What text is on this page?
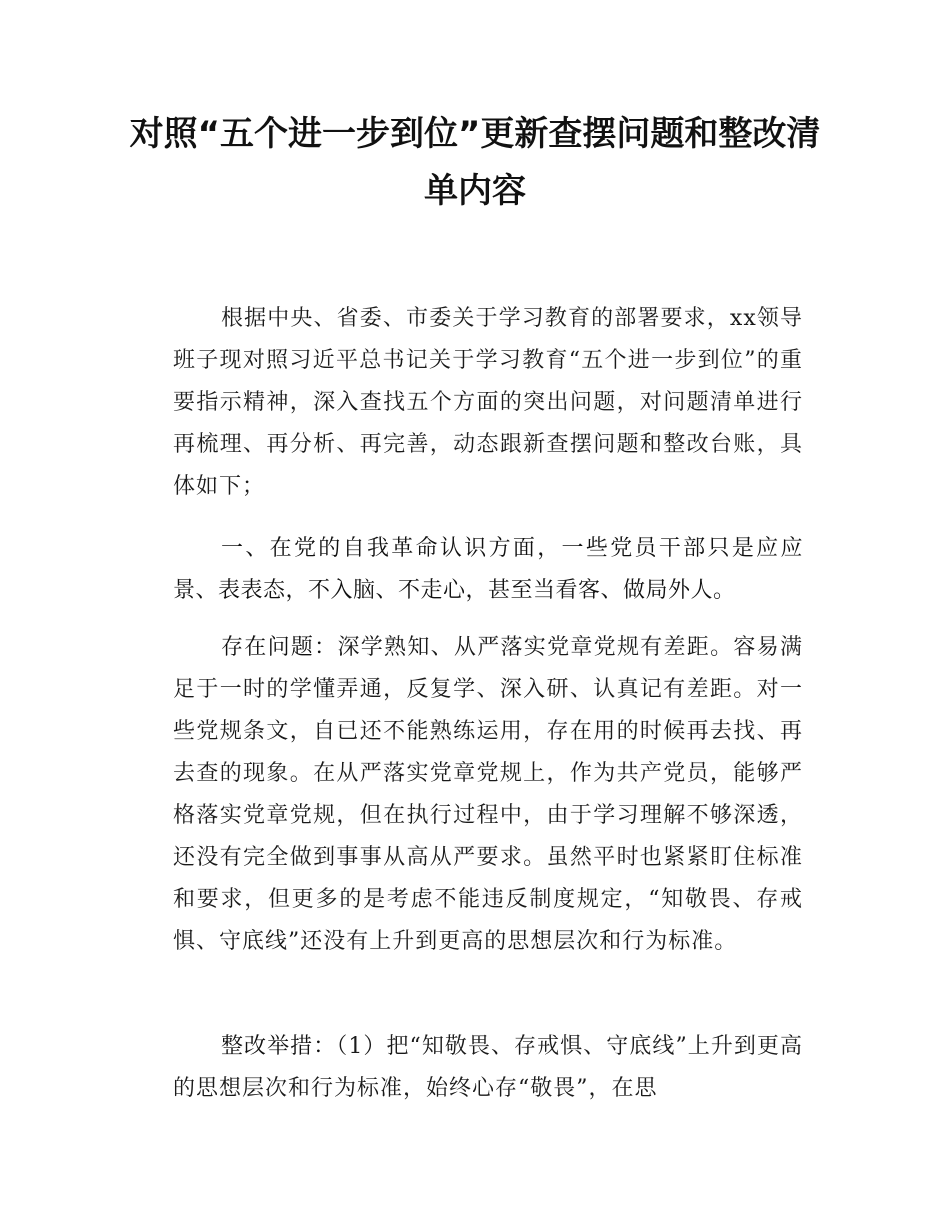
对照“五个进一步到位”更新查摆问题和整改清单内容

根据中央、省委、市委关于学习教育的部署要求，xx领导班子现对照习近平总书记关于学习教育“五个进一步到位”的重要指示精神，深入查找五个方面的突出问题，对问题清单进行再梳理、再分析、再完善，动态跟新查摆问题和整改台账，具体如下；

一、在党的自我革命认识方面，一些党员干部只是应应景、表表态，不入脑、不走心，甚至当看客、做局外人。

存在问题：深学熟知、从严落实党章党规有差距。容易满足于一时的学懂弄通，反复学、深入研、认真记有差距。对一些党规条文，自已还不能熟练运用，存在用的时候再去找、再去查的现象。在从严落实党章党规上，作为共产党员，能够严格落实党章党规，但在执行过程中，由于学习理解不够深透，还没有完全做到事事从高从严要求。虽然平时也紧紧盯住标准和要求，但更多的是考虑不能违反制度规定，“知敬畏、存戒惧、守底线”还没有上升到更高的思想层次和行为标准。

整改举措：（1）把“知敬畏、存戒惧、守底线”上升到更高的思想层次和行为标准，始终心存“敬畏”，在思
